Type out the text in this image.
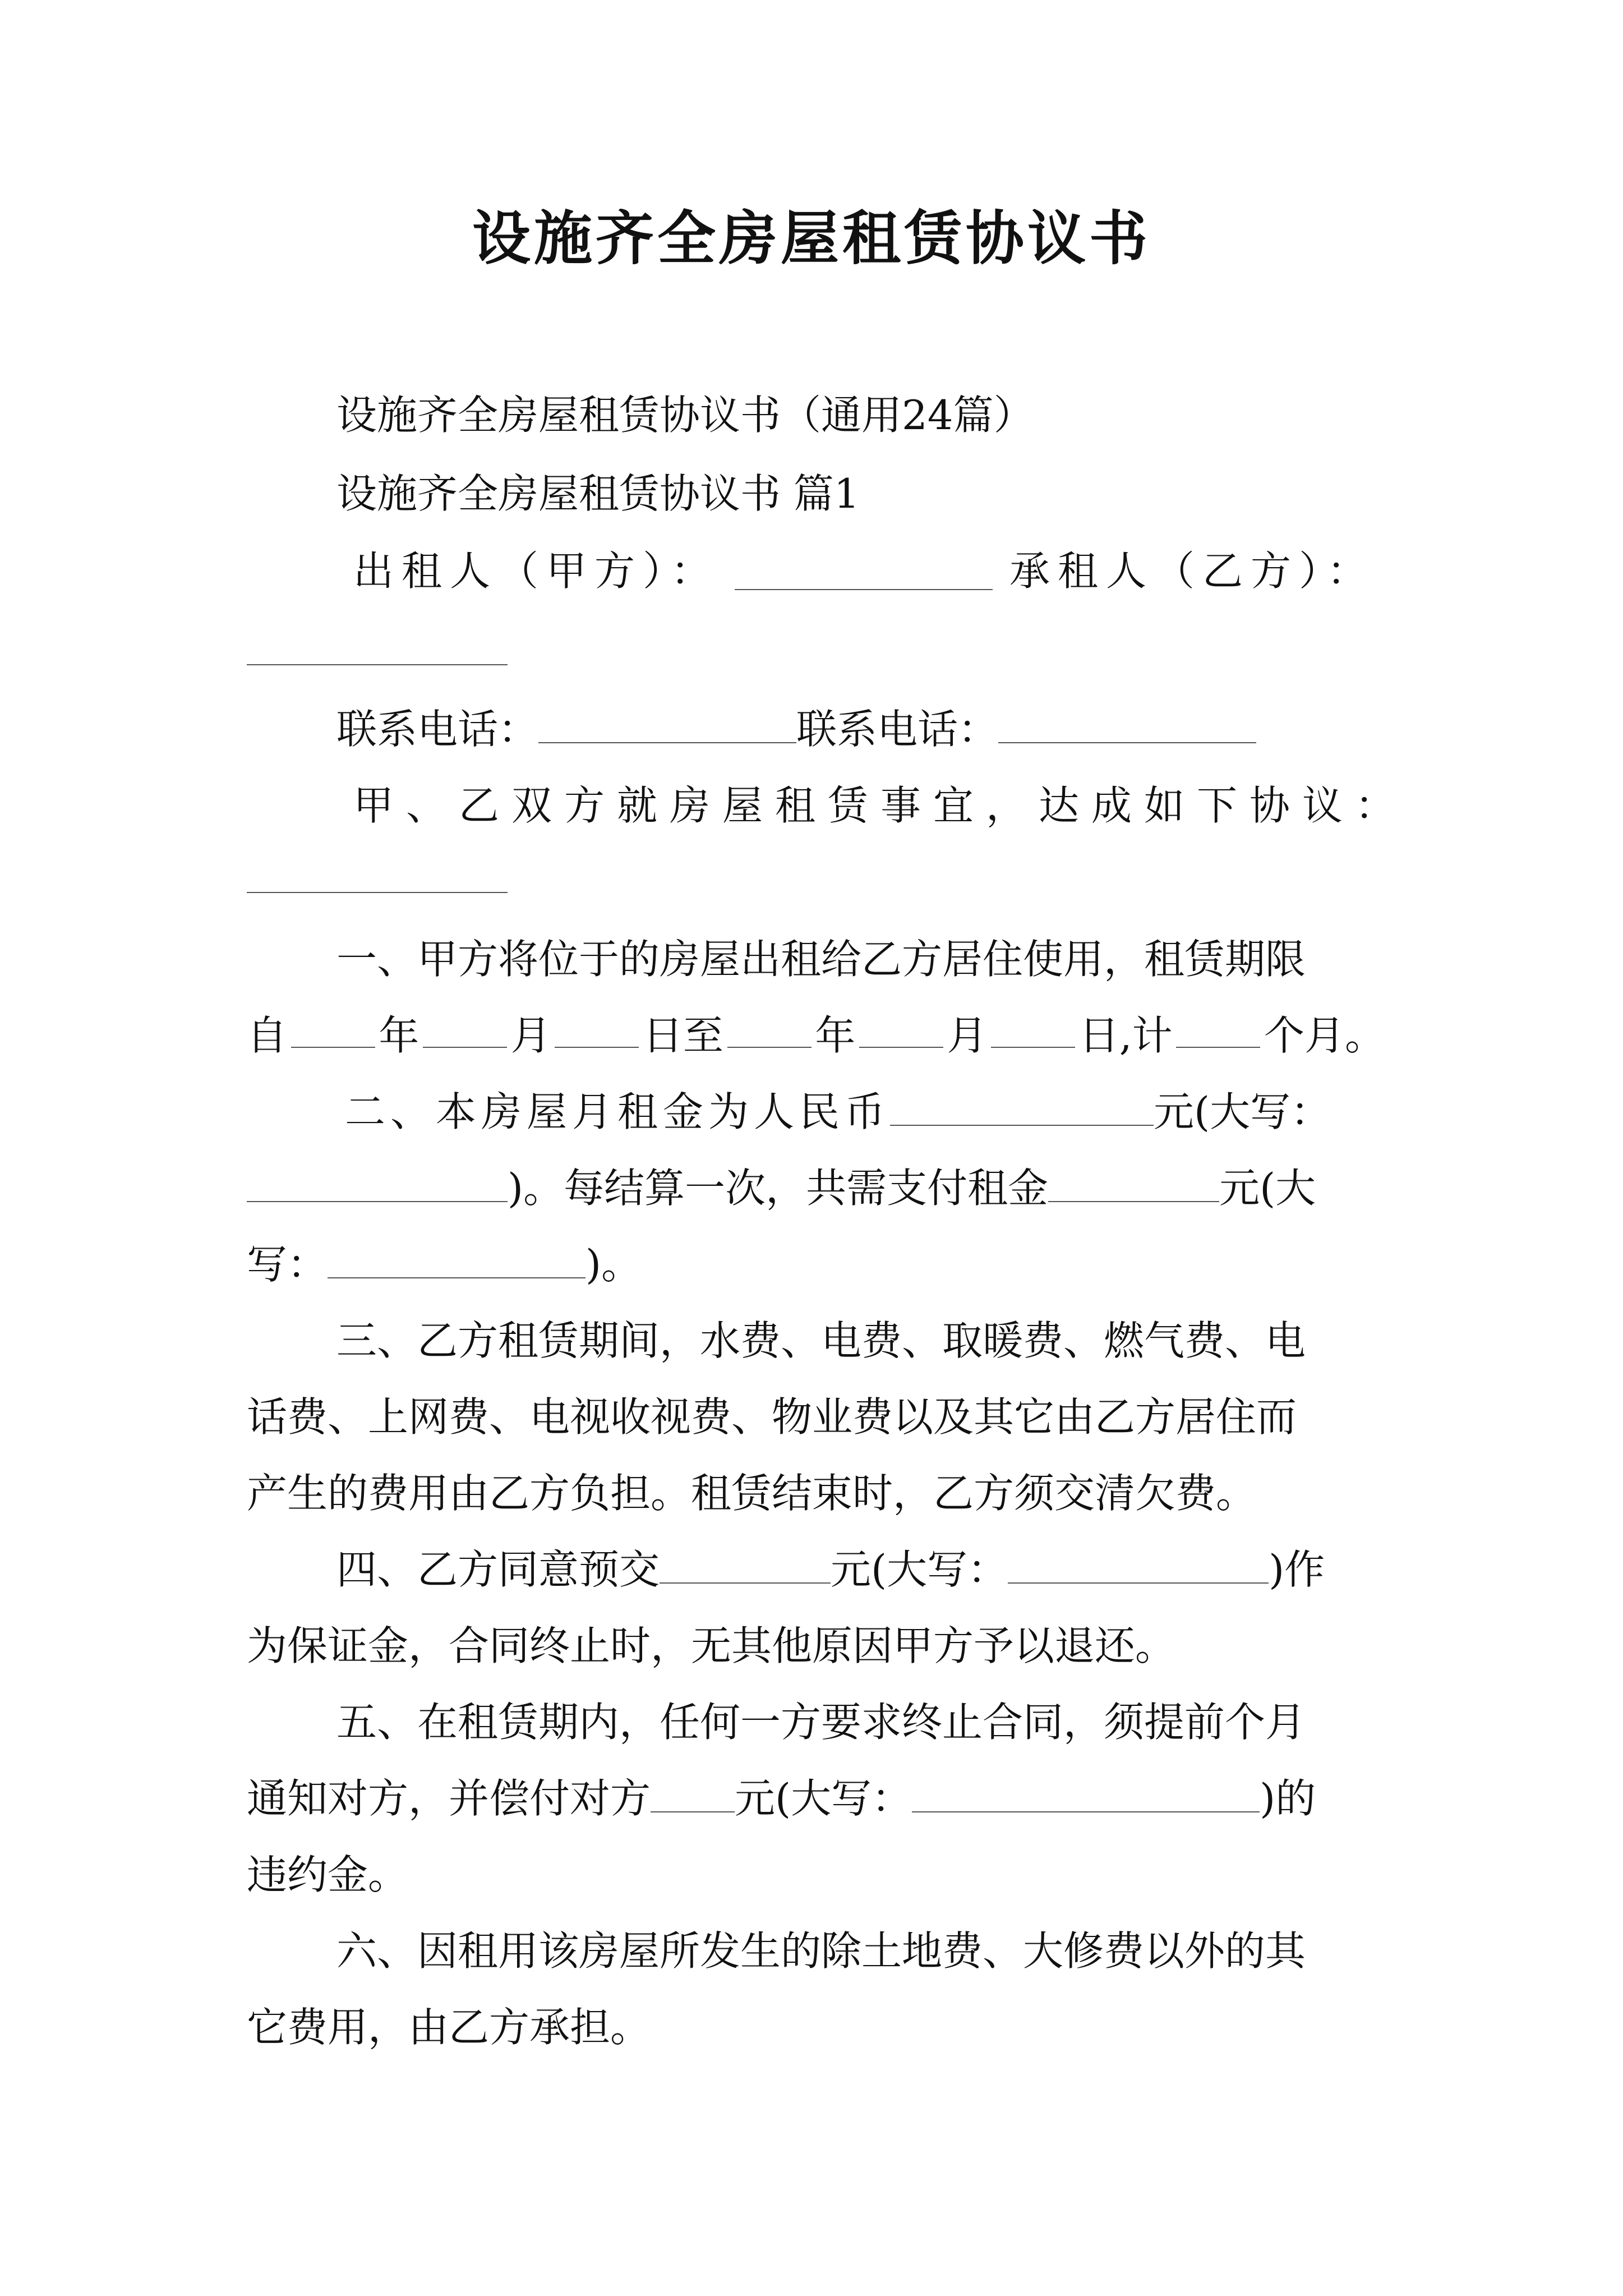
设施齐全房屋租赁协议书
设施齐全房屋租赁协议书（通用24篇）
设施齐全房屋租赁协议书 篇1
出租人（甲方）：	承租人（乙方）：
联系电话：	联系电话：
甲、乙双方就房屋租赁事宜，达成如下协议：
一、甲方将位于的房屋出租给乙方居住使用，租赁期限
自 年 月 日至 年 月 日,计 个月。
二、本房屋月租金为人民币	元(大写：
)。每结算一次，共需支付租金	元(大
写：	)。
三、乙方租赁期间，水费、电费、取暖费、燃气费、电
话费、上网费、电视收视费、物业费以及其它由乙方居住而
产生的费用由乙方负担。租赁结束时，乙方须交清欠费。
四、乙方同意预交	元(大写：	)作
为保证金，合同终止时，无其他原因甲方予以退还。
五、在租赁期内，任何一方要求终止合同，须提前个月
通知对方，并偿付对方 元(大写：	)的
违约金。
六、因租用该房屋所发生的除土地费、大修费以外的其
它费用，由乙方承担。
